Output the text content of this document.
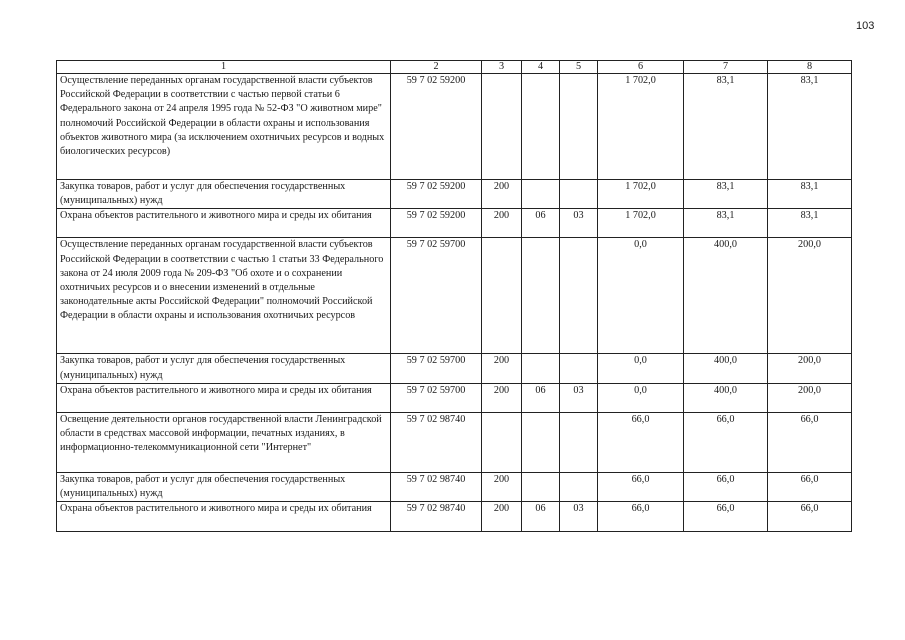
103
1	2	3	4	5	6	7	8
Осуществление переданных органам государственной власти субъектов Российской Федерации в соответствии с частью первой статьи 6 Федерального закона от 24 апреля 1995 года № 52-ФЗ "О животном мире" полномочий Российской Федерации в области охраны и использования объектов животного мира (за исключением охотничьих ресурсов и водных биологических ресурсов)	59 7 02 59200				1 702,0	83,1	83,1
Закупка товаров, работ и услуг для обеспечения государственных (муниципальных) нужд	59 7 02 59200	200			1 702,0	83,1	83,1
Охрана объектов растительного и животного мира и среды их обитания	59 7 02 59200	200	06	03	1 702,0	83,1	83,1
Осуществление переданных органам государственной власти субъектов Российской Федерации в соответствии с частью 1 статьи 33 Федерального закона от 24 июля 2009 года № 209-ФЗ "Об охоте и о сохранении охотничьих ресурсов и о внесении изменений в отдельные законодательные акты Российской Федерации" полномочий Российской Федерации в области охраны и использования охотничьих ресурсов	59 7 02 59700				0,0	400,0	200,0
Закупка товаров, работ и услуг для обеспечения государственных (муниципальных) нужд	59 7 02 59700	200			0,0	400,0	200,0
Охрана объектов растительного и животного мира и среды их обитания	59 7 02 59700	200	06	03	0,0	400,0	200,0
Освещение деятельности органов государственной власти Ленинградской области в средствах массовой информации, печатных изданиях, в информационно-телекоммуникационной сети "Интернет"	59 7 02 98740				66,0	66,0	66,0
Закупка товаров, работ и услуг для обеспечения государственных (муниципальных) нужд	59 7 02 98740	200			66,0	66,0	66,0
Охрана объектов растительного и животного мира и среды их обитания	59 7 02 98740	200	06	03	66,0	66,0	66,0
